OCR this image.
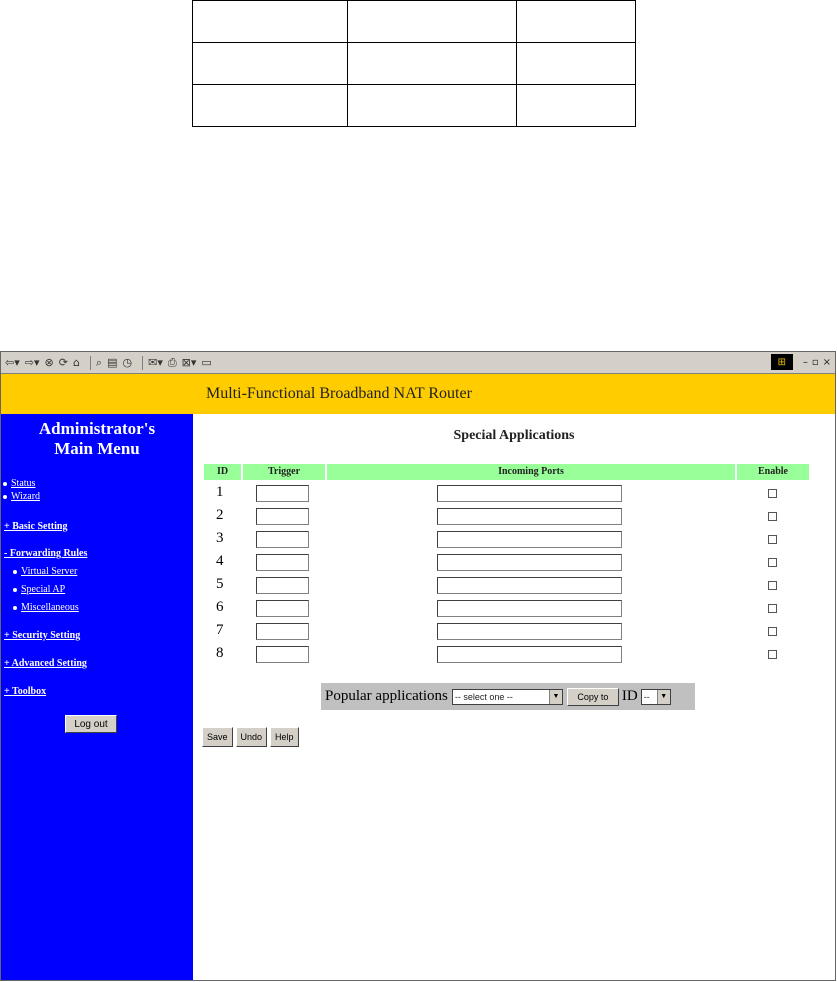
⇦▾ ⇨▾ ⊗ ⟳ ⌂ ⌕ ▤ ◷ ✉▾ ⎙ ⊠▾ ▭	⊞ – ▫ ×
Multi-Functional Broadband NAT Router
Administrator's
Main Menu
Status
Wizard
+ Basic Setting
- Forwarding Rules
Virtual Server
Special AP
Miscellaneous
+ Security Setting
+ Advanced Setting
+ Toolbox
Log out
Special Applications
ID	Trigger	Incoming Ports	Enable
1
2
3
4
5
6
7
8
Popular applications -- select one --	▼	Copy to ID --	▼
Save	Undo	Help
